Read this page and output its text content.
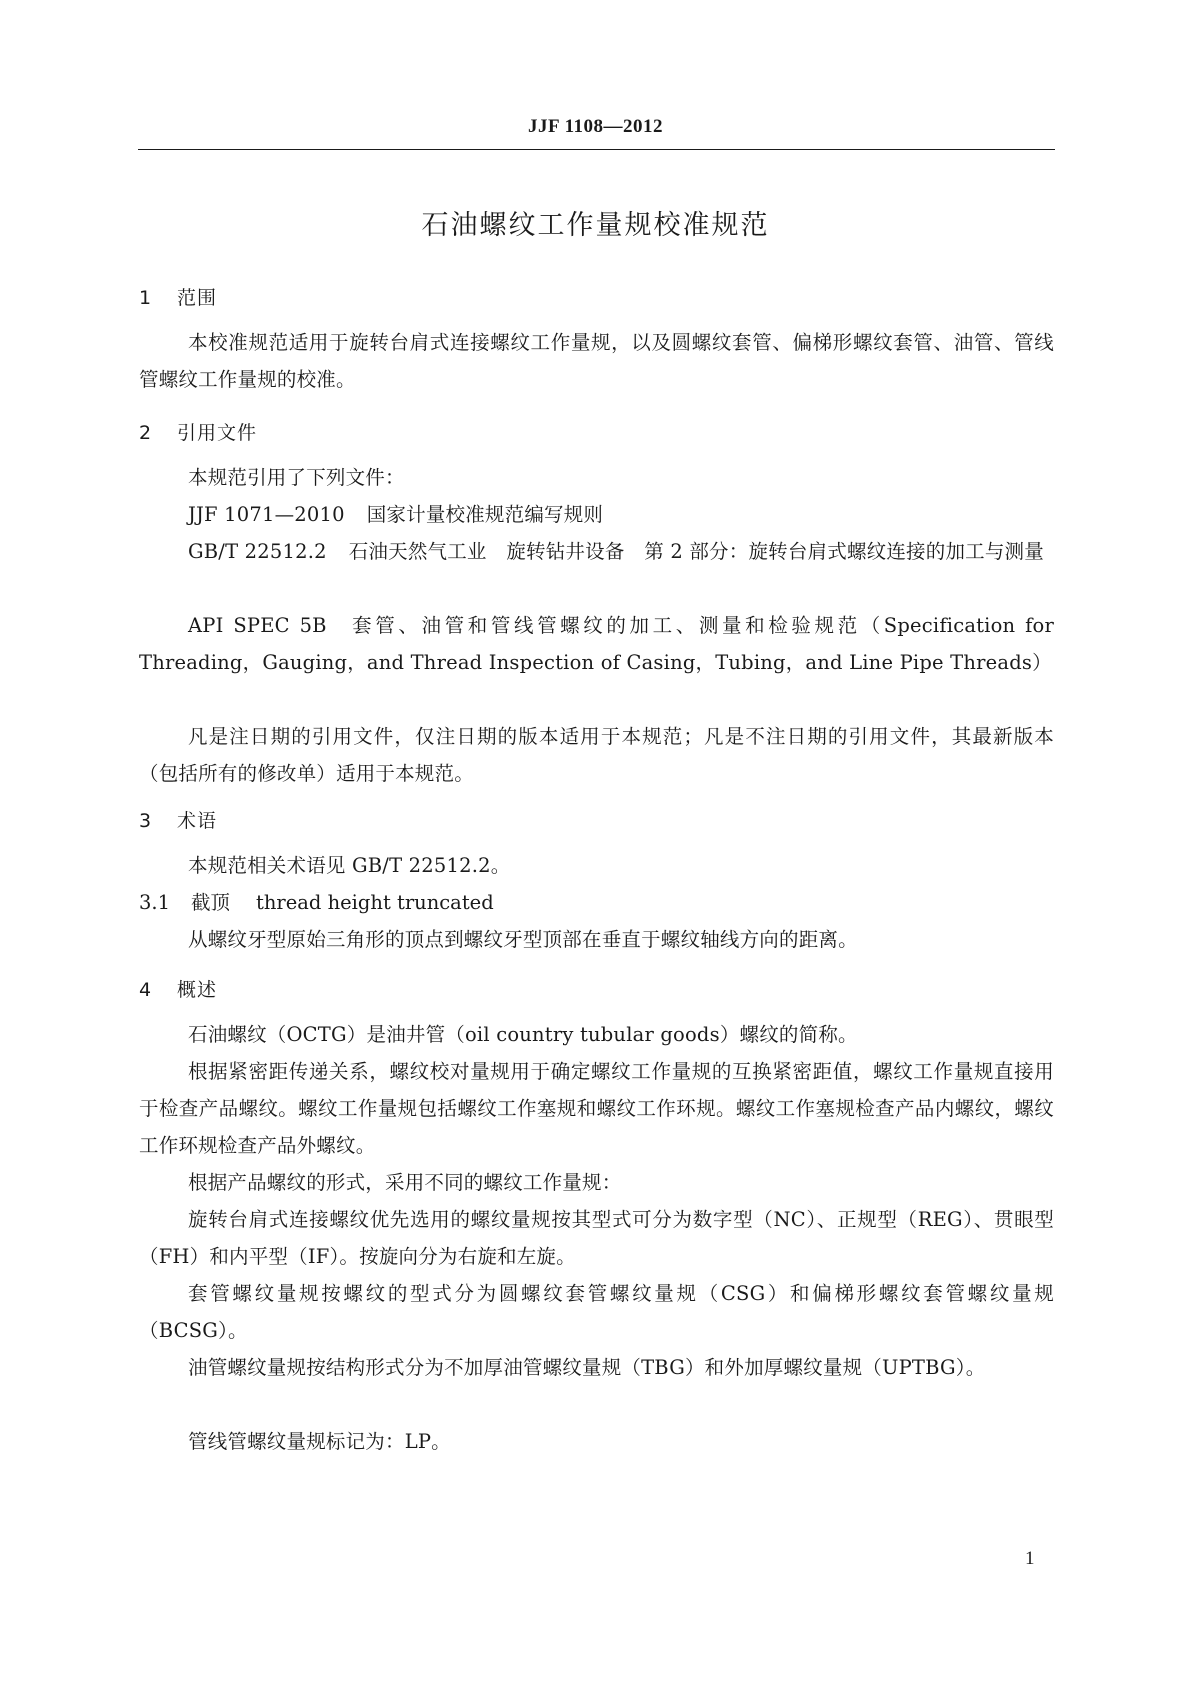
JJF 1108—2012
石油螺纹工作量规校准规范
1 范围
本校准规范适用于旋转台肩式连接螺纹工作量规，以及圆螺纹套管、偏梯形螺纹套管、油管、管线管螺纹工作量规的校准。
2 引用文件
本规范引用了下列文件：
JJF 1071—2010 国家计量校准规范编写规则
GB/T 22512.2 石油天然气工业　旋转钻井设备　第 2 部分：旋转台肩式螺纹连接的加工与测量
API SPEC 5B 套管、油管和管线管螺纹的加工、测量和检验规范（Specification for Threading，Gauging，and Thread Inspection of Casing，Tubing，and Line Pipe Threads）
凡是注日期的引用文件，仅注日期的版本适用于本规范；凡是不注日期的引用文件，其最新版本（包括所有的修改单）适用于本规范。
3 术语
本规范相关术语见 GB/T 22512.2。
3.1 截顶 thread height truncated
从螺纹牙型原始三角形的顶点到螺纹牙型顶部在垂直于螺纹轴线方向的距离。
4 概述
石油螺纹（OCTG）是油井管（oil country tubular goods）螺纹的简称。
根据紧密距传递关系，螺纹校对量规用于确定螺纹工作量规的互换紧密距值，螺纹工作量规直接用于检查产品螺纹。螺纹工作量规包括螺纹工作塞规和螺纹工作环规。螺纹工作塞规检查产品内螺纹，螺纹工作环规检查产品外螺纹。
根据产品螺纹的形式，采用不同的螺纹工作量规：
旋转台肩式连接螺纹优先选用的螺纹量规按其型式可分为数字型（NC）、正规型（REG）、贯眼型（FH）和内平型（IF）。按旋向分为右旋和左旋。
套管螺纹量规按螺纹的型式分为圆螺纹套管螺纹量规（CSG）和偏梯形螺纹套管螺纹量规（BCSG）。
油管螺纹量规按结构形式分为不加厚油管螺纹量规（TBG）和外加厚螺纹量规（UPTBG）。
管线管螺纹量规标记为：LP。
1
